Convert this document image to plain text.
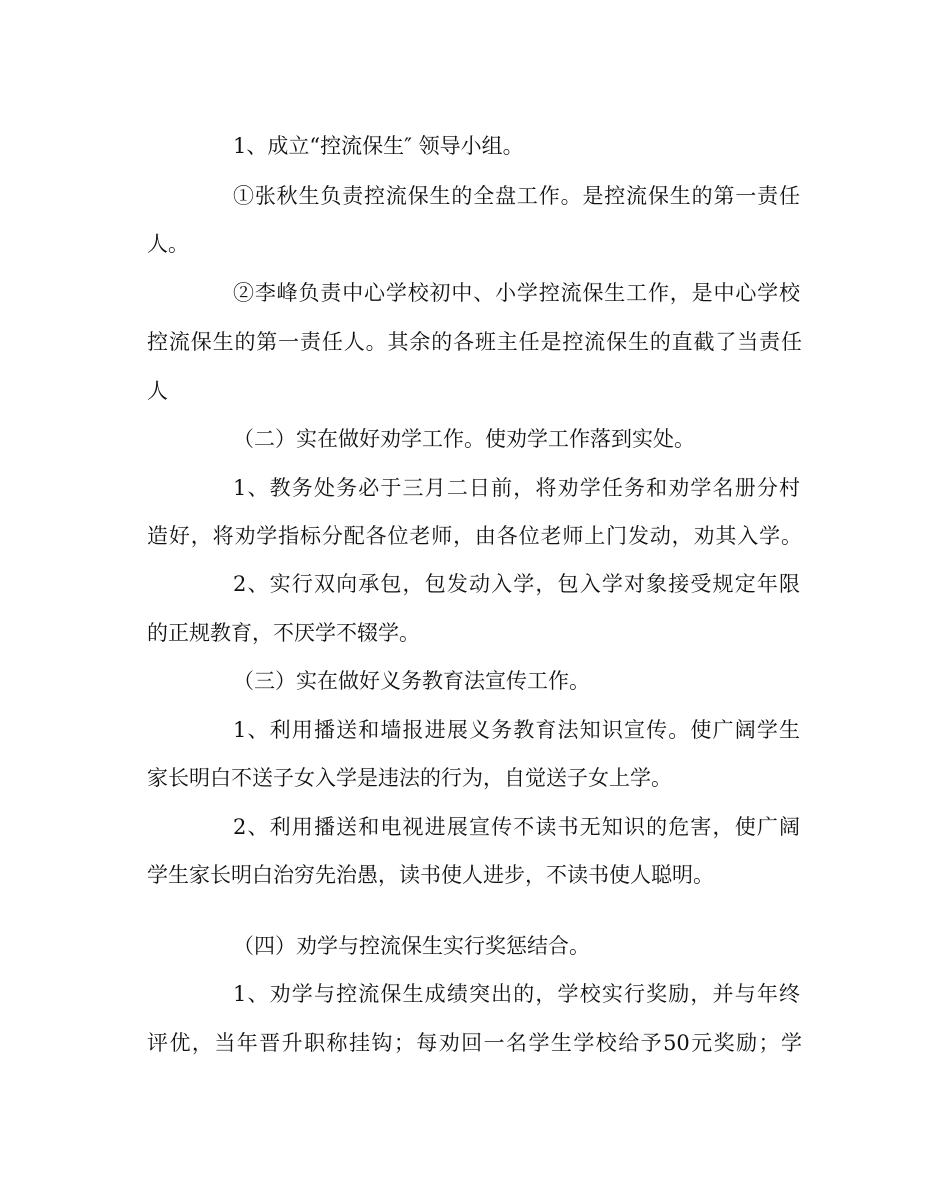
1、成立“控流保生″ 领导小组。

①张秋生负责控流保生的全盘工作。是控流保生的第一责任

人。

②李峰负责中心学校初中、小学控流保生工作，是中心学校

控流保生的第一责任人。其余的各班主任是控流保生的直截了当责任

人

（二）实在做好劝学工作。使劝学工作落到实处。

1、教务处务必于三月二日前，将劝学任务和劝学名册分村

造好，将劝学指标分配各位老师，由各位老师上门发动，劝其入学。

2、实行双向承包，包发动入学，包入学对象接受规定年限

的正规教育，不厌学不辍学。

（三）实在做好义务教育法宣传工作。

1、利用播送和墙报进展义务教育法知识宣传。使广阔学生

家长明白不送子女入学是违法的行为，自觉送子女上学。

2、利用播送和电视进展宣传不读书无知识的危害，使广阔

学生家长明白治穷先治愚，读书使人进步，不读书使人聪明。

（四）劝学与控流保生实行奖惩结合。

1、劝学与控流保生成绩突出的，学校实行奖励，并与年终

评优，当年晋升职称挂钩；每劝回一名学生学校给予50元奖励；学
